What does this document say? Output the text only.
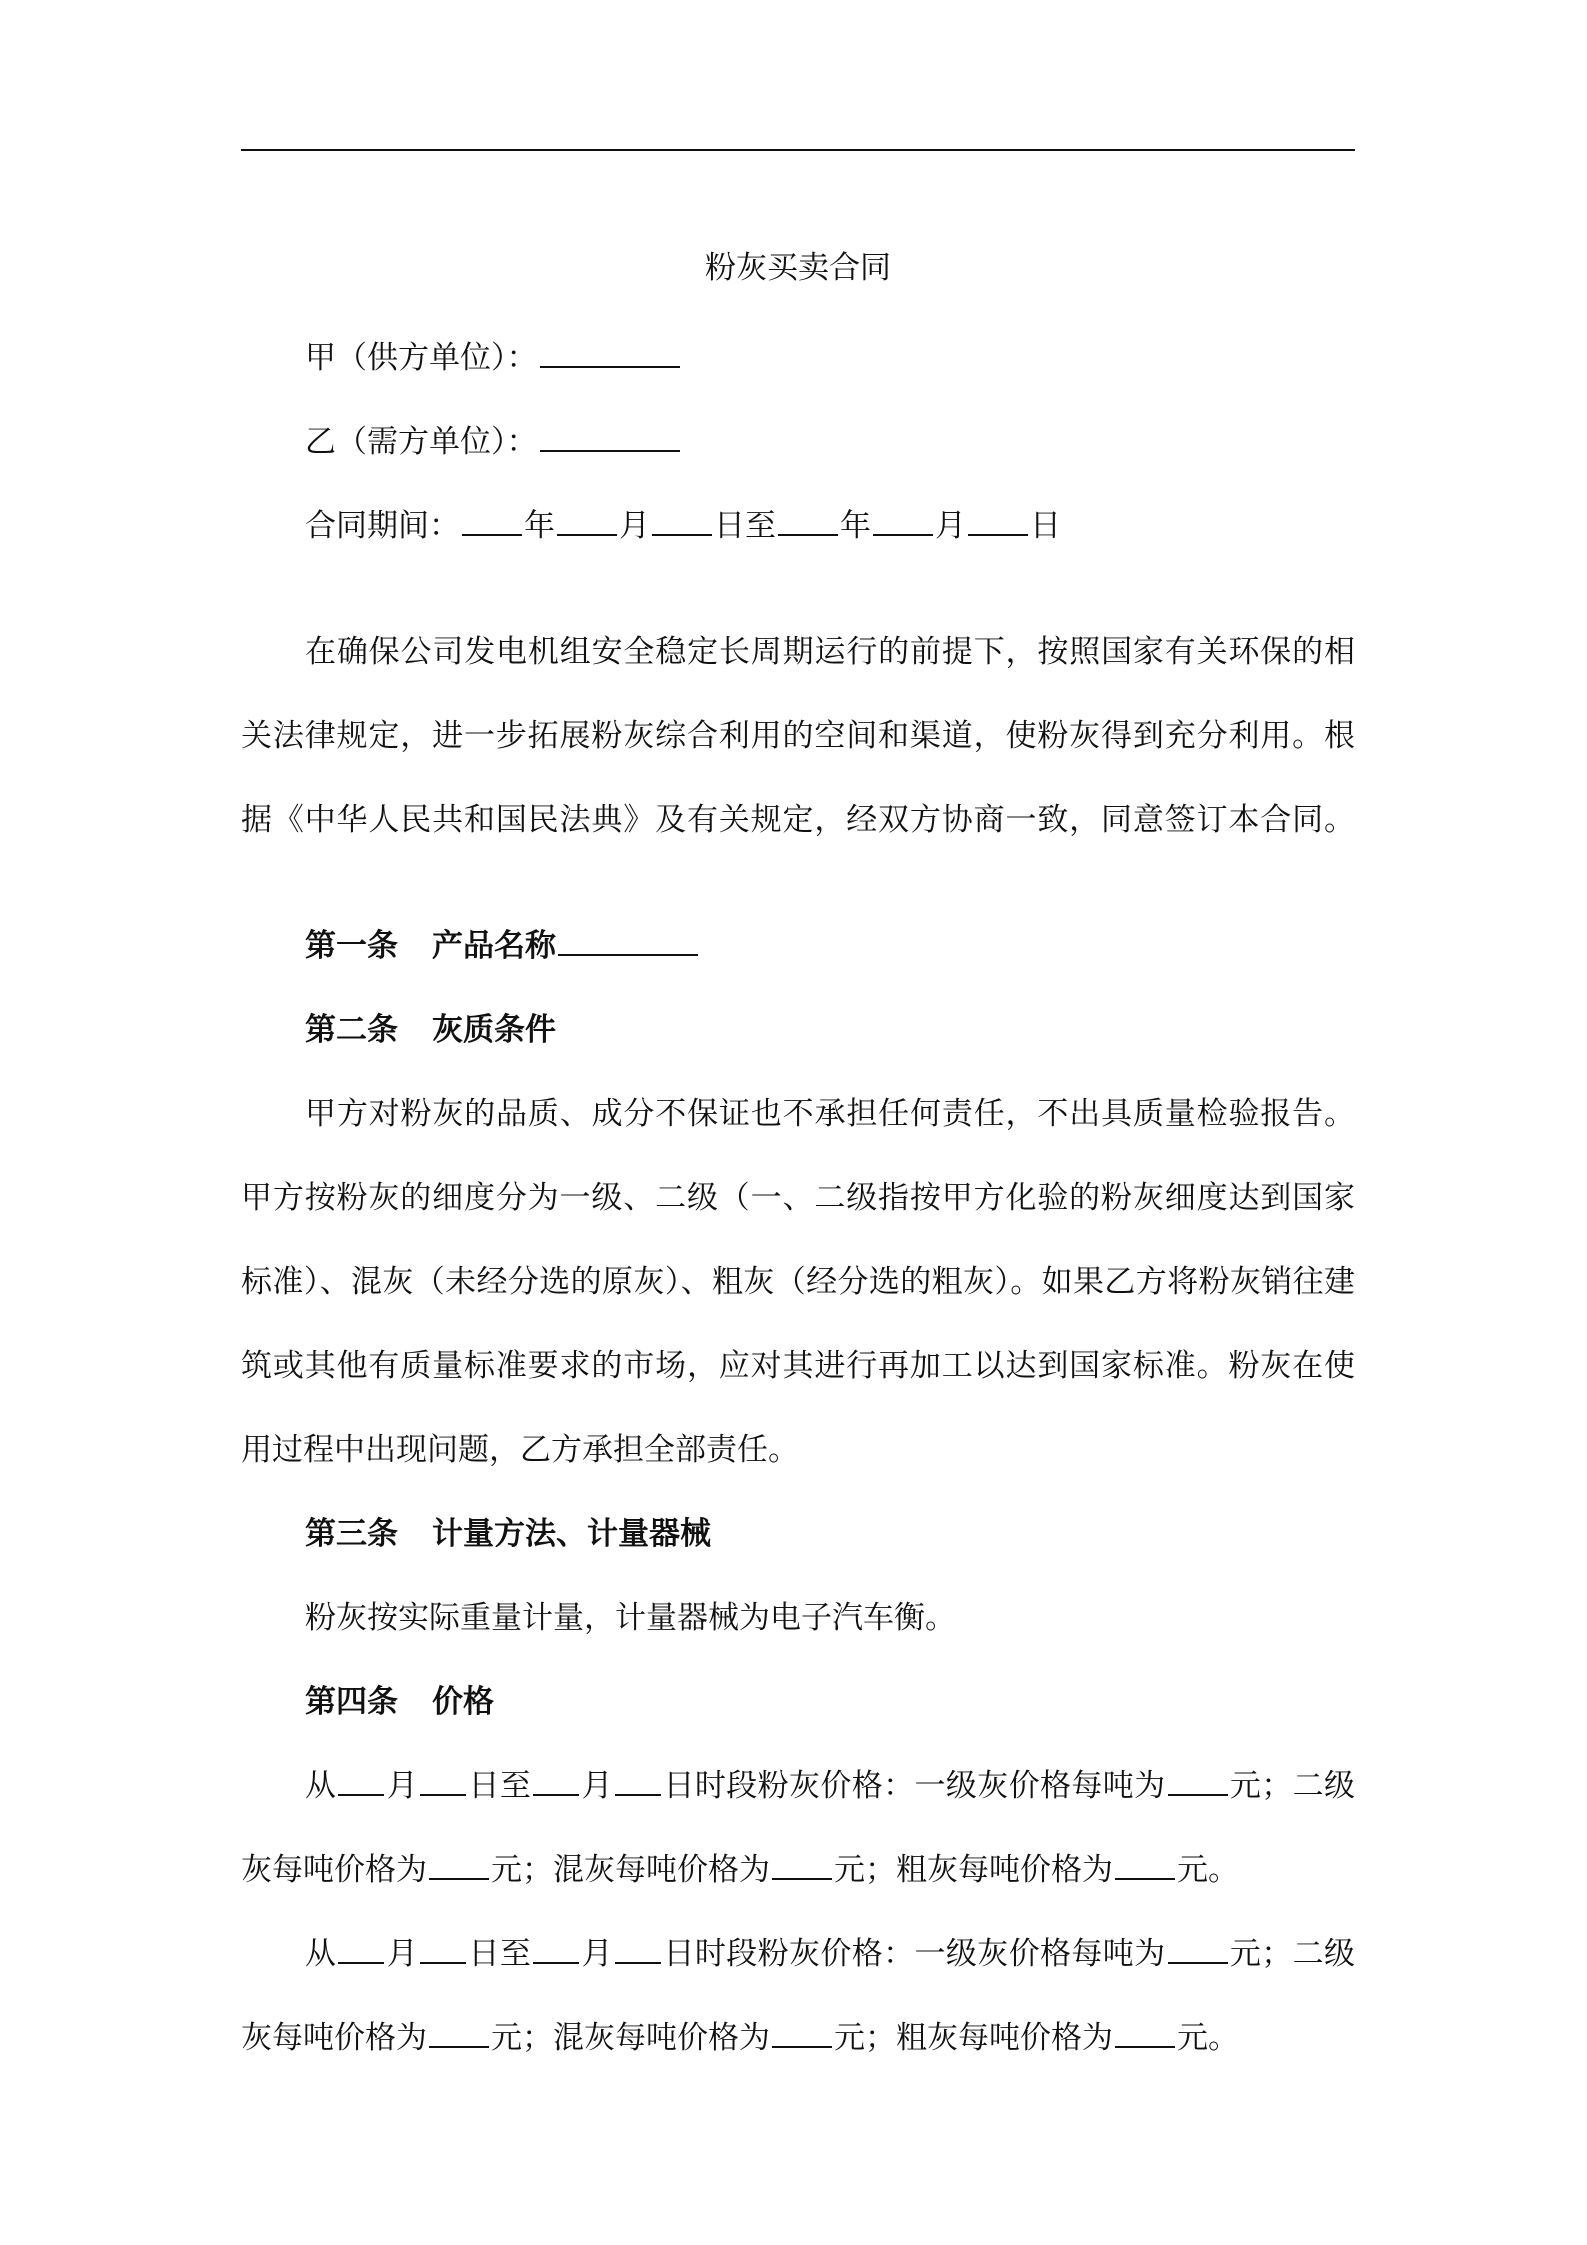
粉灰买卖合同
甲（供方单位）：
乙（需方单位）：
合同期间： 年 月 日至 年 月 日
在确保公司发电机组安全稳定长周期运行的前提下，按照国家有关环保的相
关法律规定，进一步拓展粉灰综合利用的空间和渠道，使粉灰得到充分利用。根
据《中华人民共和国民法典》及有关规定，经双方协商一致，同意签订本合同。
第一条 产品名称
第二条 灰质条件
甲方对粉灰的品质、成分不保证也不承担任何责任，不出具质量检验报告。
甲方按粉灰的细度分为一级、二级（一、二级指按甲方化验的粉灰细度达到国家
标准）、混灰（未经分选的原灰）、粗灰（经分选的粗灰）。如果乙方将粉灰销往建
筑或其他有质量标准要求的市场，应对其进行再加工以达到国家标准。粉灰在使
用过程中出现问题，乙方承担全部责任。
第三条 计量方法、计量器械
粉灰按实际重量计量，计量器械为电子汽车衡。
第四条 价格
从 月 日至 月 日时段粉灰价格：一级灰价格每吨为 元；二级
灰每吨价格为 元；混灰每吨价格为 元；粗灰每吨价格为 元。
从 月 日至 月 日时段粉灰价格：一级灰价格每吨为 元；二级
灰每吨价格为 元；混灰每吨价格为 元；粗灰每吨价格为 元。
